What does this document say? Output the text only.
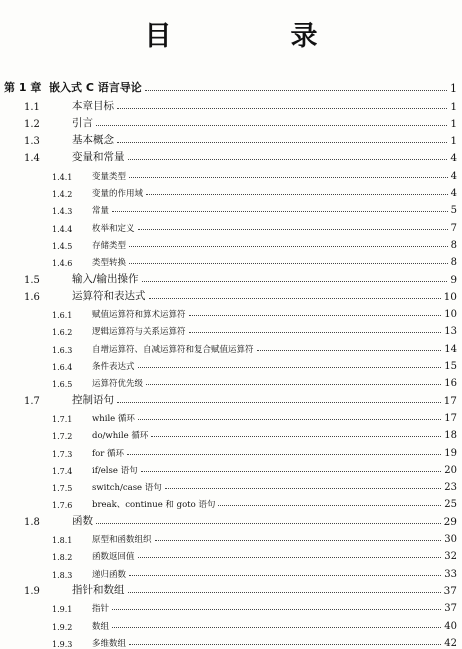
目　录
第 1 章 嵌入式 C 语言导论	1
1.1	本章目标	1
1.2	引言	1
1.3	基本概念	1
1.4	变量和常量	4
1.4.1	变量类型	4
1.4.2	变量的作用域	4
1.4.3	常量	5
1.4.4	枚举和定义	7
1.4.5	存储类型	8
1.4.6	类型转换	8
1.5	输入/输出操作	9
1.6	运算符和表达式	10
1.6.1	赋值运算符和算术运算符	10
1.6.2	逻辑运算符与关系运算符	13
1.6.3	自增运算符、自减运算符和复合赋值运算符	14
1.6.4	条件表达式	15
1.6.5	运算符优先级	16
1.7	控制语句	17
1.7.1	while 循环	17
1.7.2	do/while 循环	18
1.7.3	for 循环	19
1.7.4	if/else 语句	20
1.7.5	switch/case 语句	23
1.7.6	break、continue 和 goto 语句	25
1.8	函数	29
1.8.1	原型和函数组织	30
1.8.2	函数返回值	32
1.8.3	递归函数	33
1.9	指针和数组	37
1.9.1	指针	37
1.9.2	数组	40
1.9.3	多维数组	42
